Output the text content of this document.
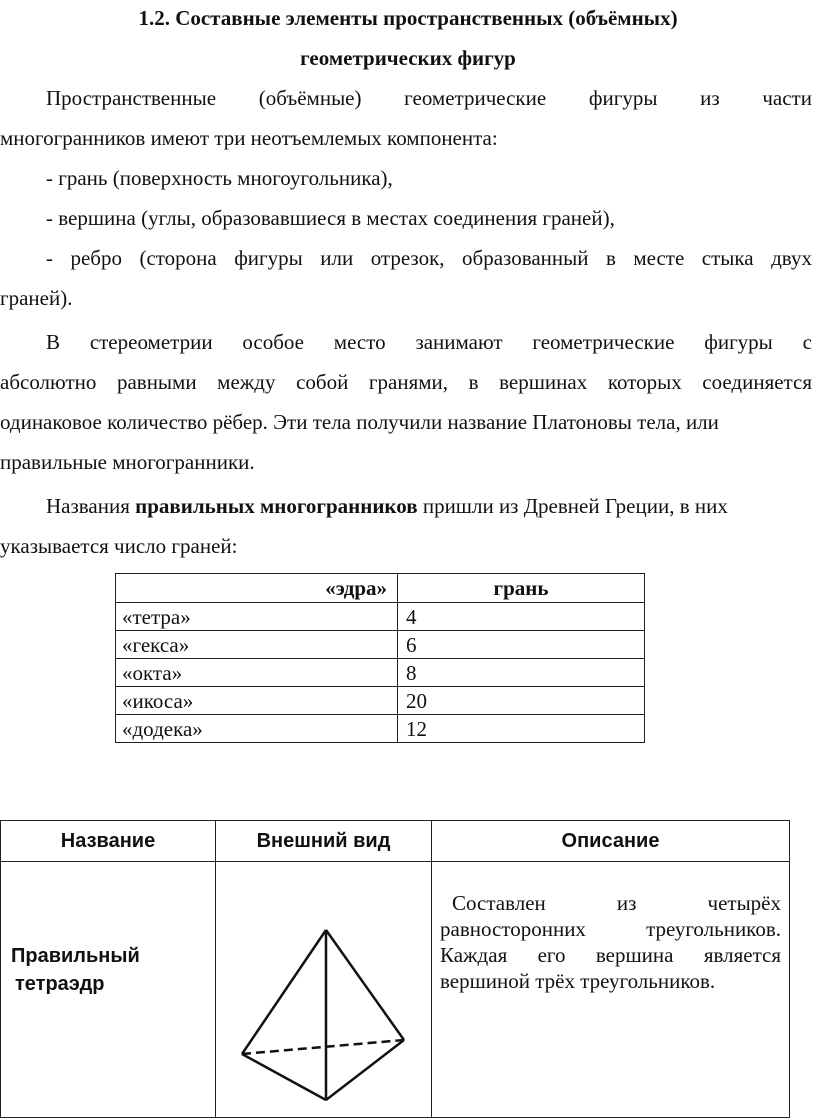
1.2. Составные элементы пространственных (объёмных)
геометрических фигур
Пространственные (объёмные) геометрические фигуры из части
многогранников имеют три неотъемлемых компонента:
- грань (поверхность многоугольника),
- вершина (углы, образовавшиеся в местах соединения граней),
- ребро (сторона фигуры или отрезок, образованный в месте стыка двух
граней).
В стереометрии особое место занимают геометрические фигуры с
абсолютно равными между собой гранями, в вершинах которых соединяется
одинаковое количество рёбер. Эти тела получили название Платоновы тела, или
правильные многогранники.
Названия правильных многогранников пришли из Древней Греции, в них
указывается число граней:
«эдра»	грань
«тетра»	4
«гекса»	6
«окта»	8
«икоса»	20
«додека»	12
Название	Внешний вид	Описание

Правильный
тетраэдр		Составлен из четырёх равносторонних треугольников. Каждая его вершина является вершиной трёх треугольников.
